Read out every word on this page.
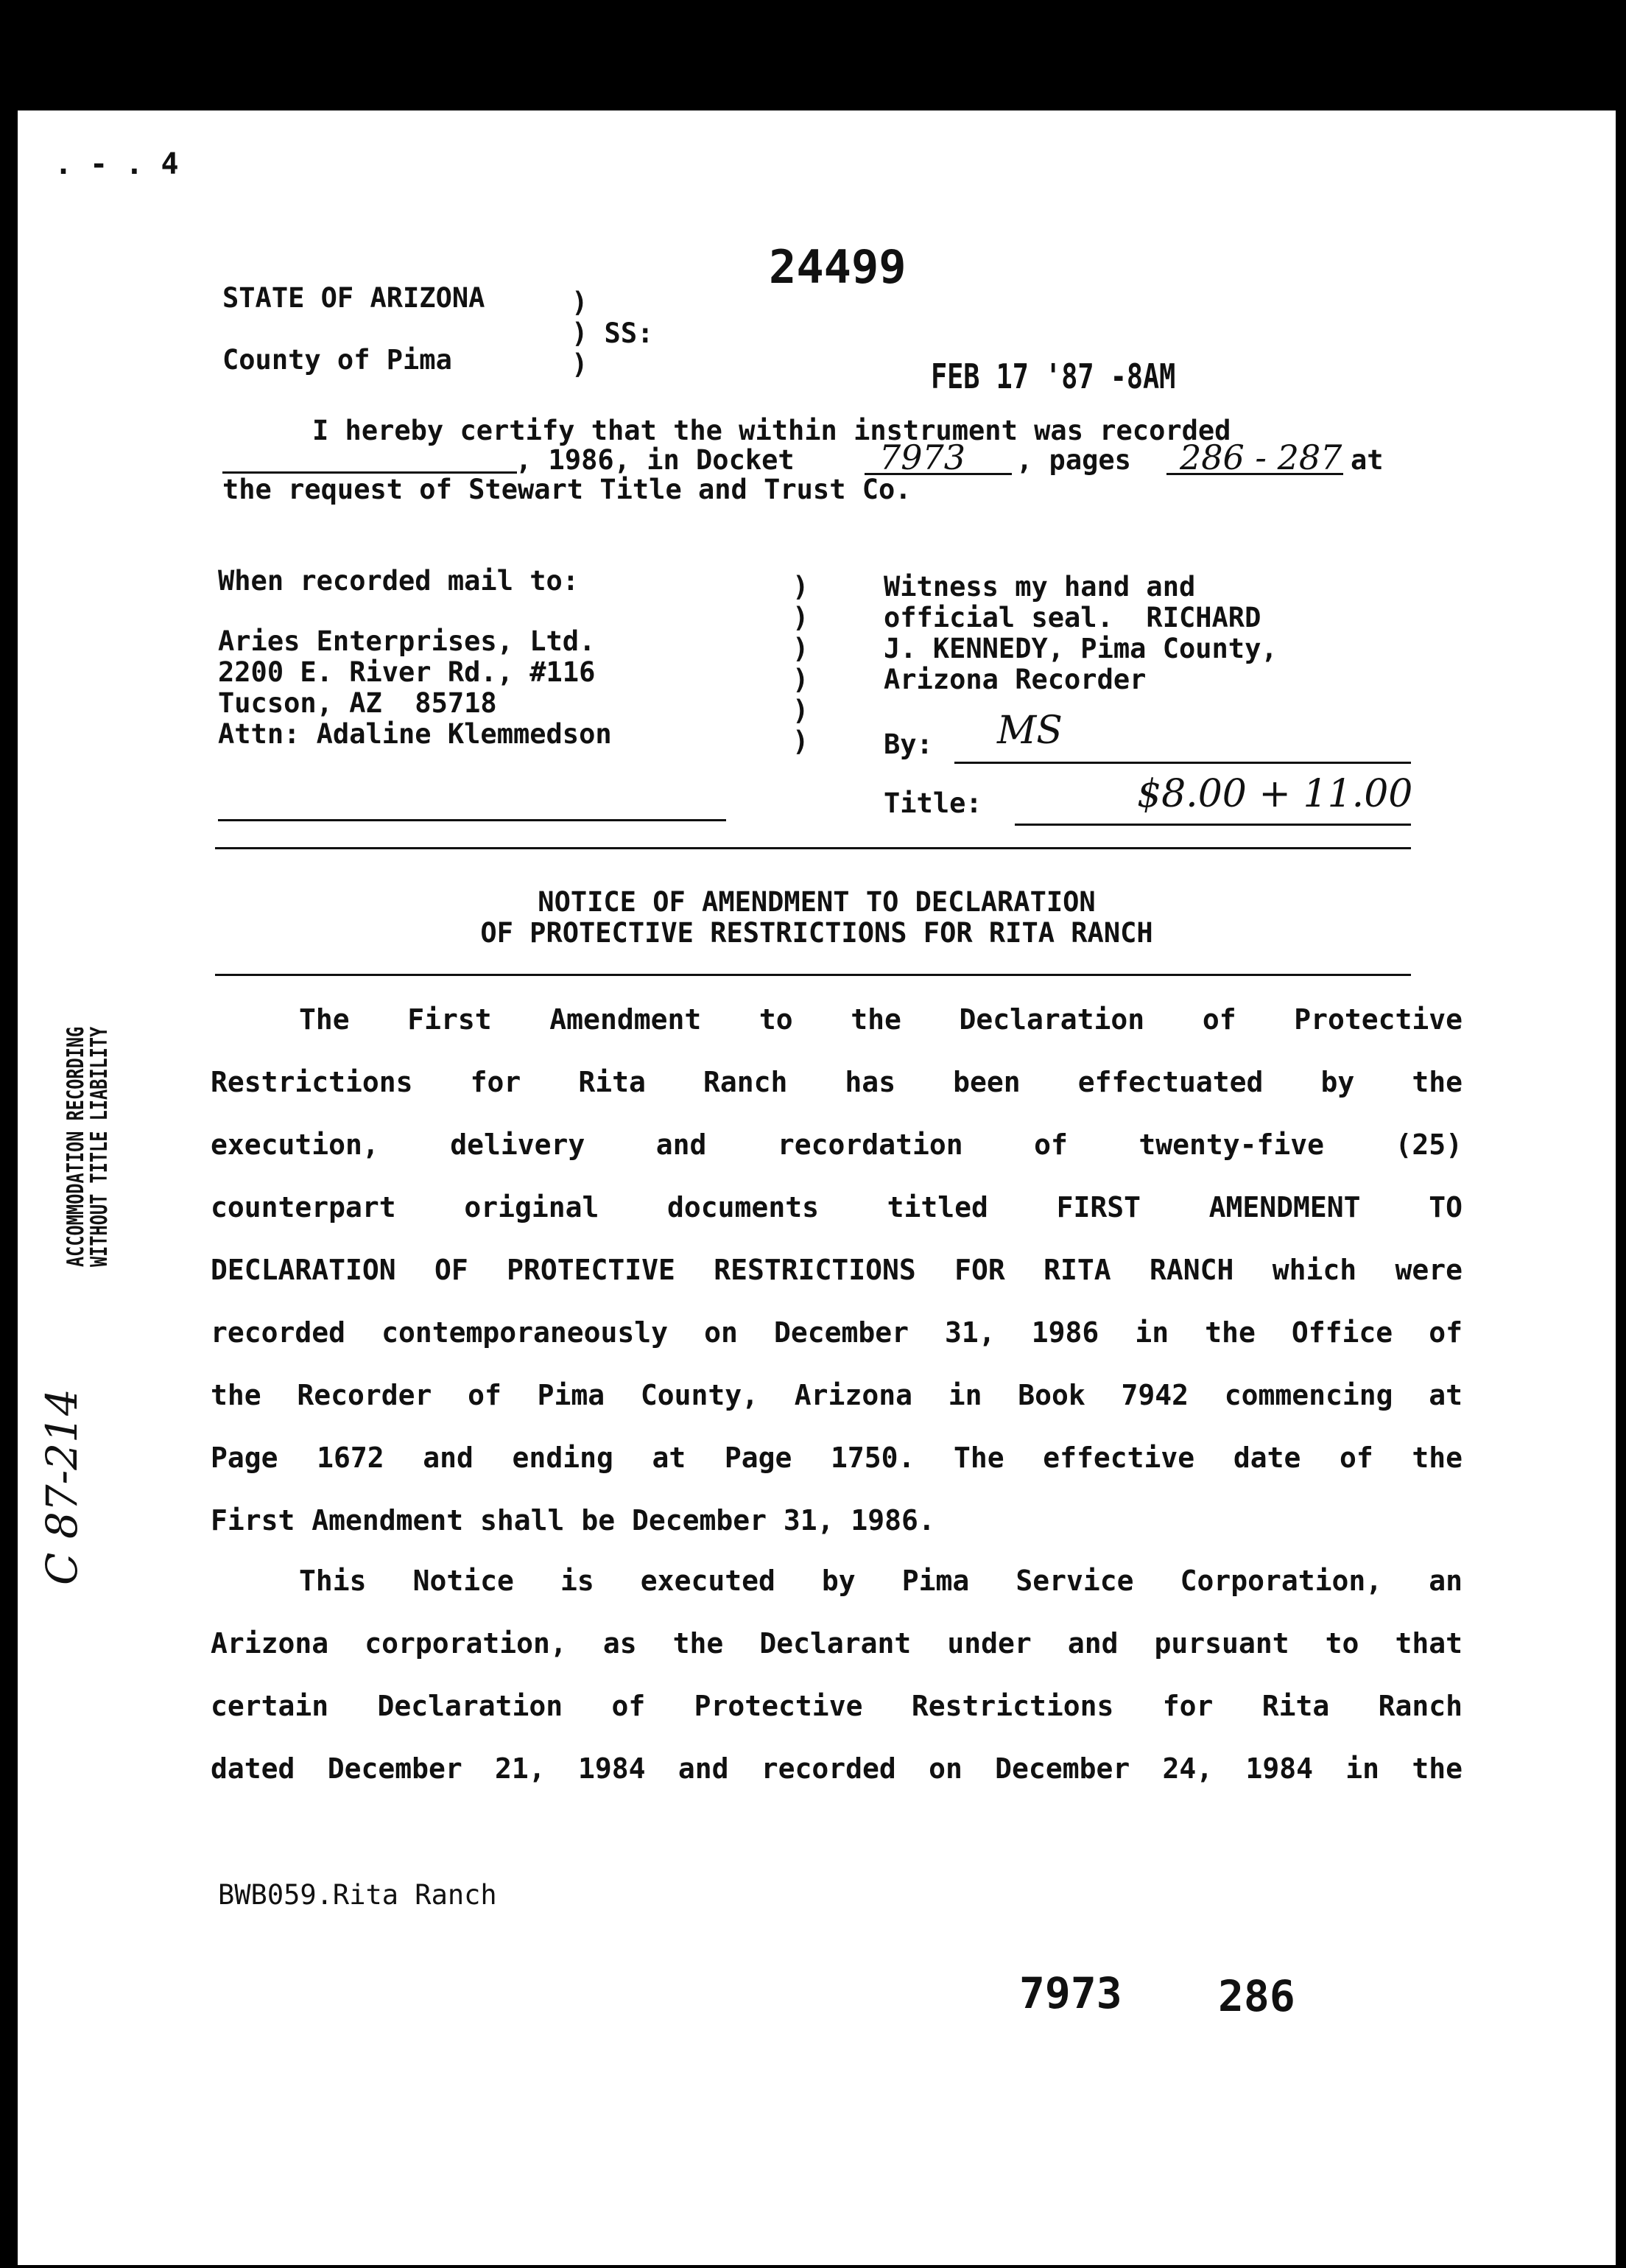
. - . 4
24499
STATE OF ARIZONA	)
) SS:
County of Pima	)	FEB 17 '87 -8AM
I hereby certify that the within instrument was recorded
, 1986, in Docket	7973 , pages 286 - 287 at
the request of Stewart Title and Trust Co.
When recorded mail to:
Aries Enterprises, Ltd.
2200 E. River Rd., #116
Tucson, AZ  85718
Attn: Adaline Klemmedson
)
)
)
)
)
)
Witness my hand and
official seal.  RICHARD
J. KENNEDY, Pima County,
Arizona Recorder
By: MS
Title:	$8.00 + 11.00
NOTICE OF AMENDMENT TO DECLARATION
OF PROTECTIVE RESTRICTIONS FOR RITA RANCH
The First Amendment to the Declaration of Protective
Restrictions for Rita Ranch has been effectuated by the
execution, delivery and recordation of twenty-five (25)
counterpart original documents titled FIRST AMENDMENT TO
DECLARATION OF PROTECTIVE RESTRICTIONS FOR RITA RANCH which were
recorded contemporaneously on December 31, 1986 in the Office of
the Recorder of Pima County, Arizona in Book 7942 commencing at
Page 1672 and ending at Page 1750. The effective date of the
First Amendment shall be December 31, 1986.
This Notice is executed by Pima Service Corporation, an
Arizona corporation, as the Declarant under and pursuant to that
certain Declaration of Protective Restrictions for Rita Ranch
dated December 21, 1984 and recorded on December 24, 1984 in the
ACCOMMODATION RECORDING
WITHOUT TITLE LIABILITY
C 87-214
BWB059.Rita Ranch
7973 286
